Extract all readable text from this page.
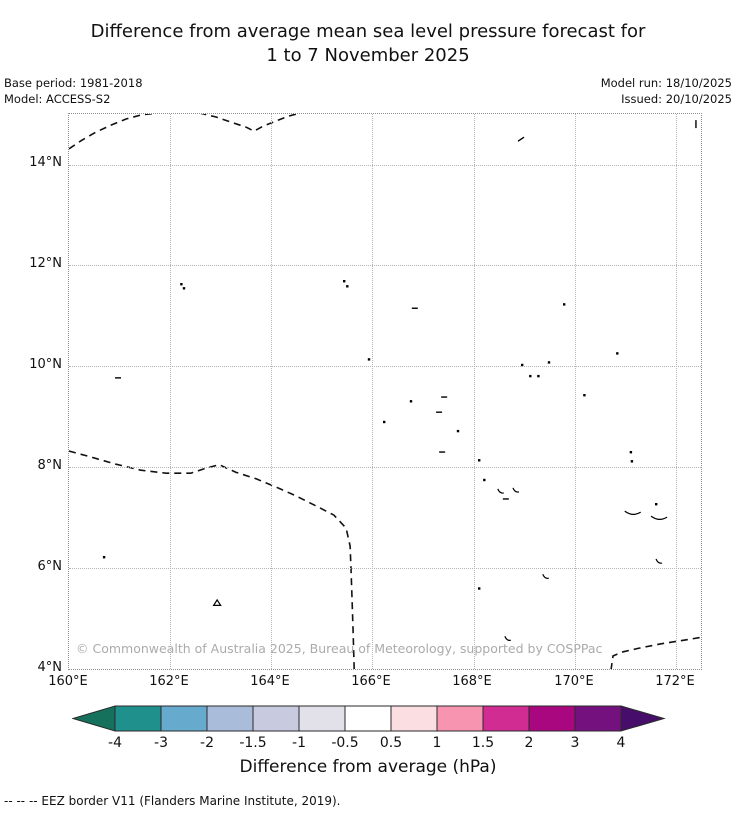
Difference from average mean sea level pressure forecast for
1 to 7 November 2025
Base period: 1981-2018
Model: ACCESS-S2
Model run: 18/10/2025
Issued: 20/10/2025
© Commonwealth of Australia 2025, Bureau of Meteorology, supported by COSPPac
Difference from average (hPa)
-- -- -- EEZ border V11 (Flanders Marine Institute, 2019).
14°N
12°N
10°N
8°N
6°N
4°N
160°E	162°E	164°E	166°E	168°E	170°E	172°E
-4 -3 -2 -1.5 -1 -0.5 0.5 1 1.5 2	3	4
